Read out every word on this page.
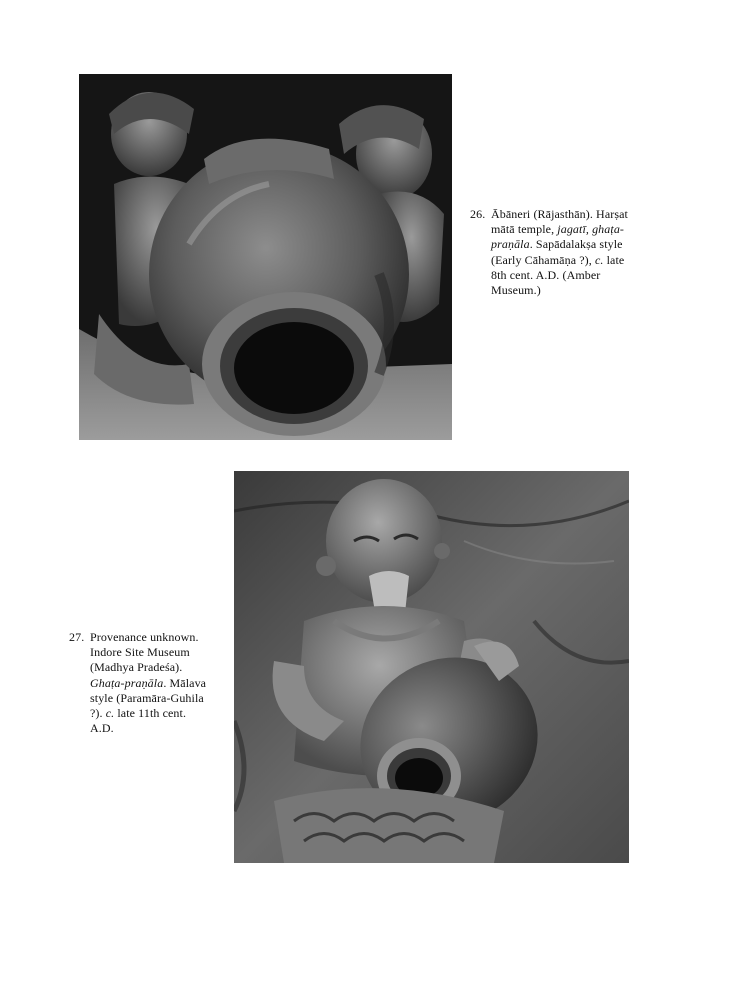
26. Ābāneri (Rājasthān). Harṣat
mātā temple, jagatī, ghaṭa-
praṇāla. Sapādalakṣa style
(Early Cāhamāṇa ?), c. late
8th cent. A.D. (Amber
Museum.)
27. Provenance unknown.
Indore Site Museum
(Madhya Pradeśa).
Ghaṭa-praṇāla. Mālava
style (Paramāra-Guhila
?). c. late 11th cent.
A.D.
